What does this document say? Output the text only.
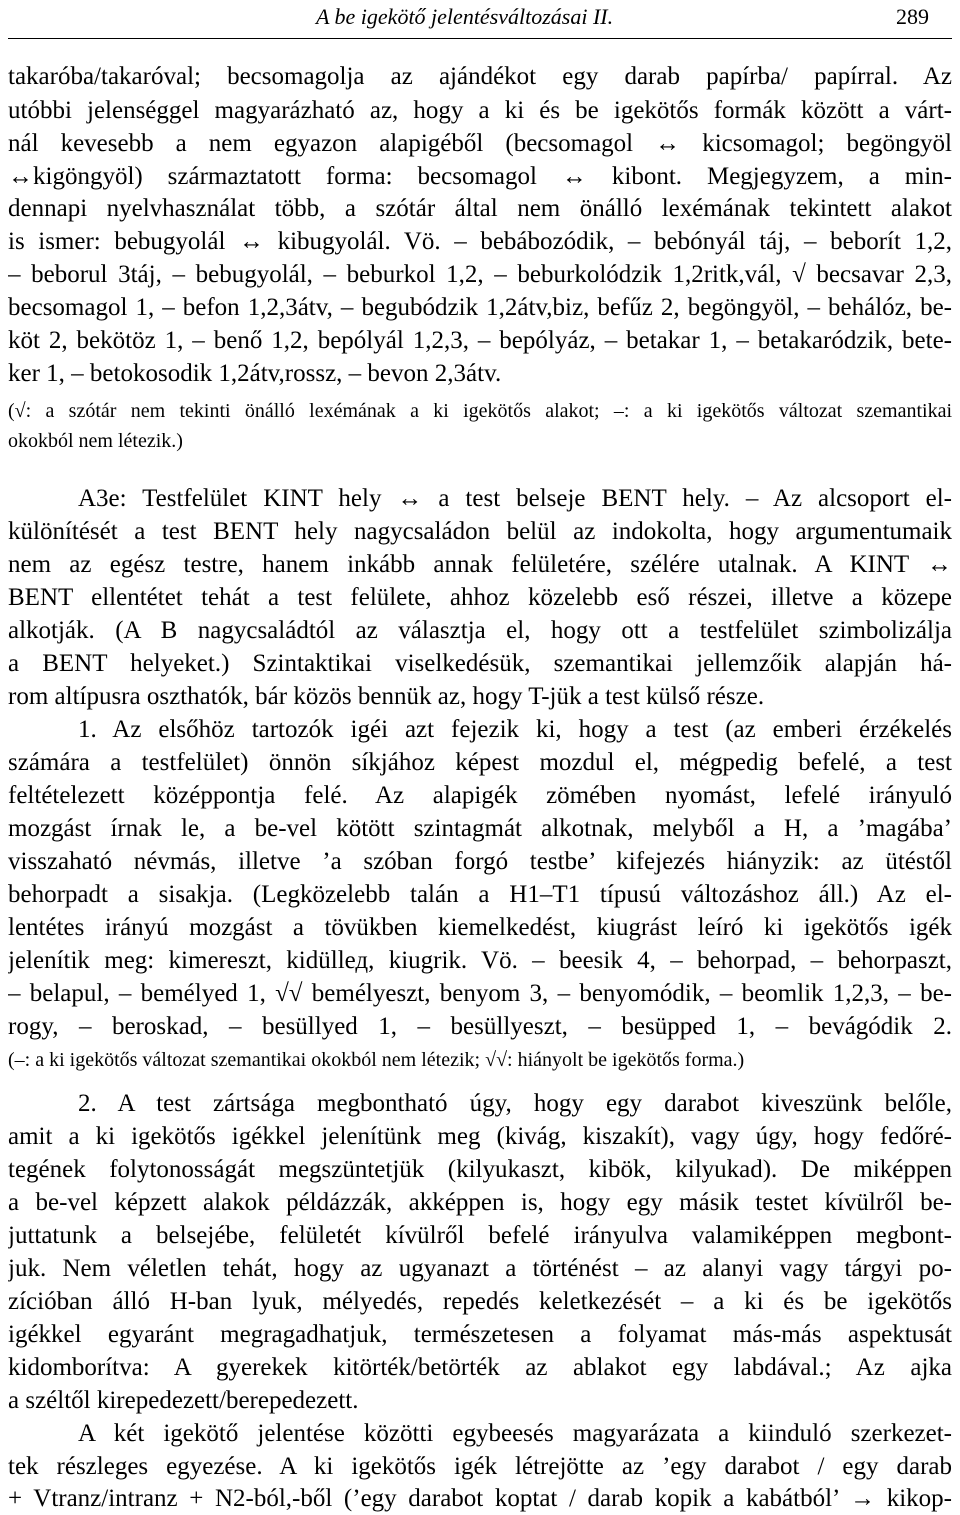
A be igekötő jelentésváltozásai II.	289
takaróba/takaróval; becsomagolja az ajándékot egy darab papírba/ papírral. Az
utóbbi jelenséggel magyarázható az, hogy a ki és be igekötős formák között a várt-
nál kevesebb a nem egyazon alapigéből (becsomagol ↔ kicsomagol; begöngyöl
↔kigöngyöl) származtatott forma: becsomagol ↔ kibont. Megjegyzem, a min-
dennapi nyelvhasználat több, a szótár által nem önálló lexémának tekintett alakot
is ismer: bebugyolál ↔ kibugyolál. Vö. – bebábozódik, – bebónyál táj, – beborít 1,2,
– beborul 3táj, – bebugyolál, – beburkol 1,2, – beburkolódzik 1,2ritk,vál, √ becsavar 2,3,
becsomagol 1, – befon 1,2,3átv, – begubódzik 1,2átv,biz, befűz 2, begöngyöl, – behálóz, be-
köt 2, bekötöz 1, – benő 1,2, bepólyál 1,2,3, – bepólyáz, – betakar 1, – betakaródzik, bete-
ker 1, – betokosodik 1,2átv,rossz, – bevon 2,3átv.
(√: a szótár nem tekinti önálló lexémának a ki igekötős alakot; –: a ki igekötős változat szemantikai
okokból nem létezik.)
A3e: Testfelület KINT hely ↔ a test belseje BENT hely. – Az alcsoport el-
különítését a test BENT hely nagycsaládon belül az indokolta, hogy argumentumaik
nem az egész testre, hanem inkább annak felületére, szélére utalnak. A KINT ↔
BENT ellentétet tehát a test felülete, ahhoz közelebb eső részei, illetve a közepe
alkotják. (A B nagycsaládtól az választja el, hogy ott a testfelület szimbolizálja
a BENT helyeket.) Szintaktikai viselkedésük, szemantikai jellemzőik alapján há-
rom altípusra oszthatók, bár közös bennük az, hogy T-jük a test külső része.
1. Az elsőhöz tartozók igéi azt fejezik ki, hogy a test (az emberi érzékelés
számára a testfelület) önnön síkjához képest mozdul el, mégpedig befelé, a test
feltételezett középpontja felé. Az alapigék zömében nyomást, lefelé irányuló
mozgást írnak le, a be-vel kötött szintagmát alkotnak, melyből a H, a ’magába’
visszaható névmás, illetve ’a szóban forgó testbe’ kifejezés hiányzik: az ütéstől
behorpadt a sisakja. (Legközelebb talán a H1–T1 típusú változáshoz áll.) Az el-
lentétes irányú mozgást a tövükben kiemelkedést, kiugrást leíró ki igekötős igék
jelenítik meg: kimereszt, kidüllед, kiugrik. Vö. – beesik 4, – behorpad, – behorpaszt,
– belapul, – bemélyed 1, √√ bemélyeszt, benyom 3, – benyomódik, – beomlik 1,2,3, – be-
rogy, – beroskad, – besüllyed 1, – besüllyeszt, – besüpped 1, – bevágódik 2.
(–: a ki igekötős változat szemantikai okokból nem létezik; √√: hiányolt be igekötős forma.)
2. A test zártsága megbontható úgy, hogy egy darabot kiveszünk belőle,
amit a ki igekötős igékkel jelenítünk meg (kivág, kiszakít), vagy úgy, hogy fedőré-
tegének folytonosságát megszüntetjük (kilyukaszt, kibök, kilyukad). De miképpen
a be-vel képzett alakok példázzák, akképpen is, hogy egy másik testet kívülről be-
juttatunk a belsejébe, felületét kívülről befelé irányulva valamiképpen megbont-
juk. Nem véletlen tehát, hogy az ugyanazt a történést – az alanyi vagy tárgyi po-
zícióban álló H-ban lyuk, mélyedés, repedés keletkezését – a ki és be igekötős
igékkel egyaránt megragadhatjuk, természetesen a folyamat más-más aspektusát
kidomborítva: A gyerekek kitörték/betörték az ablakot egy labdával.; Az ajka
a széltől kirepedezett/berepedezett.
A két igekötő jelentése közötti egybeesés magyarázata a kiinduló szerkezet-
tek részleges egyezése. A ki igekötős igék létrejötte az ’egy darabot / egy darab
+ Vtranz/intranz + N2-ból,-ből (’egy darabot koptat / darab kopik a kabátból’ → kikop-
